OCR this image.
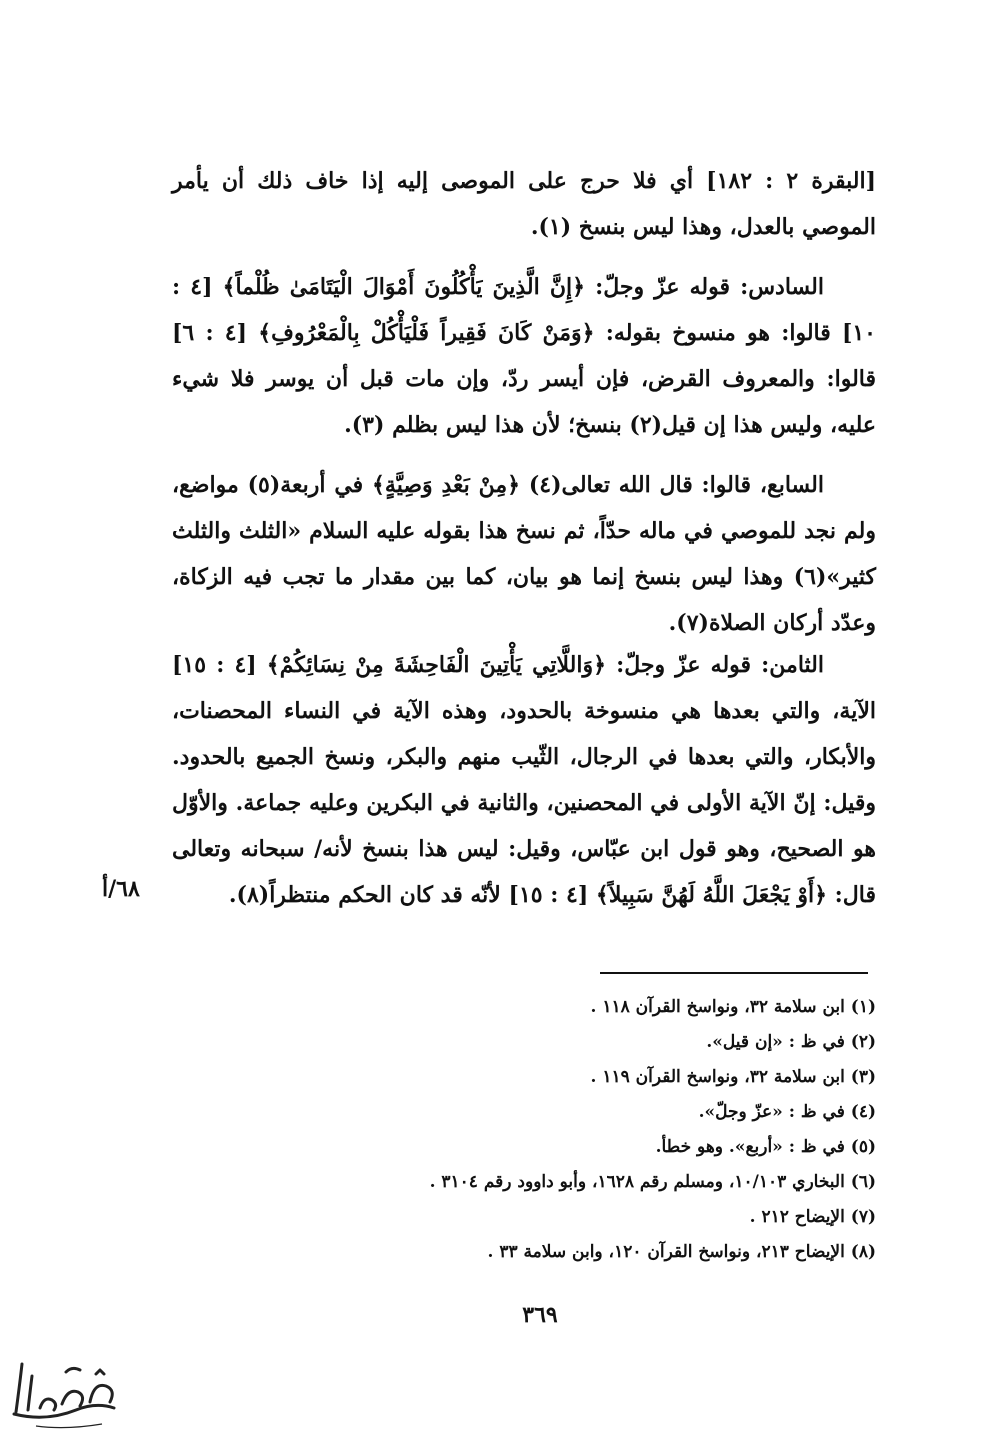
[البقرة ٢ : ١٨٢] أي فلا حرج على الموصى إليه إذا خاف ذلك أن يأمر الموصي بالعدل، وهذا ليس بنسخ (١).

السادس: قوله عزّ وجلّ: ﴿إِنَّ الَّذِينَ يَأْكُلُونَ أَمْوَالَ الْيَتَامَىٰ ظُلْماً﴾ [٤ : ١٠] قالوا: هو منسوخ بقوله: ﴿وَمَنْ كَانَ فَقِيراً فَلْيَأْكُلْ بِالْمَعْرُوفِ﴾ [٤ : ٦] قالوا: والمعروف القرض، فإن أيسر ردّ، وإن مات قبل أن يوسر فلا شيء عليه، وليس هذا إن قيل(٢) بنسخ؛ لأن هذا ليس بظلم (٣).

السابع، قالوا: قال الله تعالى(٤) ﴿مِنْ بَعْدِ وَصِيَّةٍ﴾ في أربعة(٥) مواضع، ولم نجد للموصي في ماله حدّاً، ثم نسخ هذا بقوله عليه السلام «الثلث والثلث كثير»(٦) وهذا ليس بنسخ إنما هو بيان، كما بين مقدار ما تجب فيه الزكاة، وعدّد أركان الصلاة(٧).

الثامن: قوله عزّ وجلّ: ﴿وَاللَّاتِي يَأْتِينَ الْفَاحِشَةَ مِنْ نِسَائِكُمْ﴾ [٤ : ١٥] الآية، والتي بعدها هي منسوخة بالحدود، وهذه الآية في النساء المحصنات، والأبكار، والتي بعدها في الرجال، الثّيب منهم والبكر، ونسخ الجميع بالحدود. وقيل: إنّ الآية الأولى في المحصنين، والثانية في البكرين وعليه جماعة. والأوّل هو الصحيح، وهو قول ابن عبّاس، وقيل: ليس هذا بنسخ لأنه/ سبحانه وتعالى قال: ﴿أَوْ يَجْعَلَ اللَّهُ لَهُنَّ سَبِيلاً﴾ [٤ : ١٥] لأنّه قد كان الحكم منتظراً(٨).

٦٨/أ
(١) ابن سلامة ٣٢، ونواسخ القرآن ١١٨ .
(٢) في ظ : «إن قيل».
(٣) ابن سلامة ٣٢، ونواسخ القرآن ١١٩ .
(٤) في ظ : «عزّ وجلّ».
(٥) في ظ : «أربع». وهو خطأ.
(٦) البخاري ١٠/١٠٣، ومسلم رقم ١٦٢٨، وأبو داوود رقم ٣١٠٤ .
(٧) الإيضاح ٢١٢ .
(٨) الإيضاح ٢١٣، ونواسخ القرآن ١٢٠، وابن سلامة ٣٣ .
٣٦٩
